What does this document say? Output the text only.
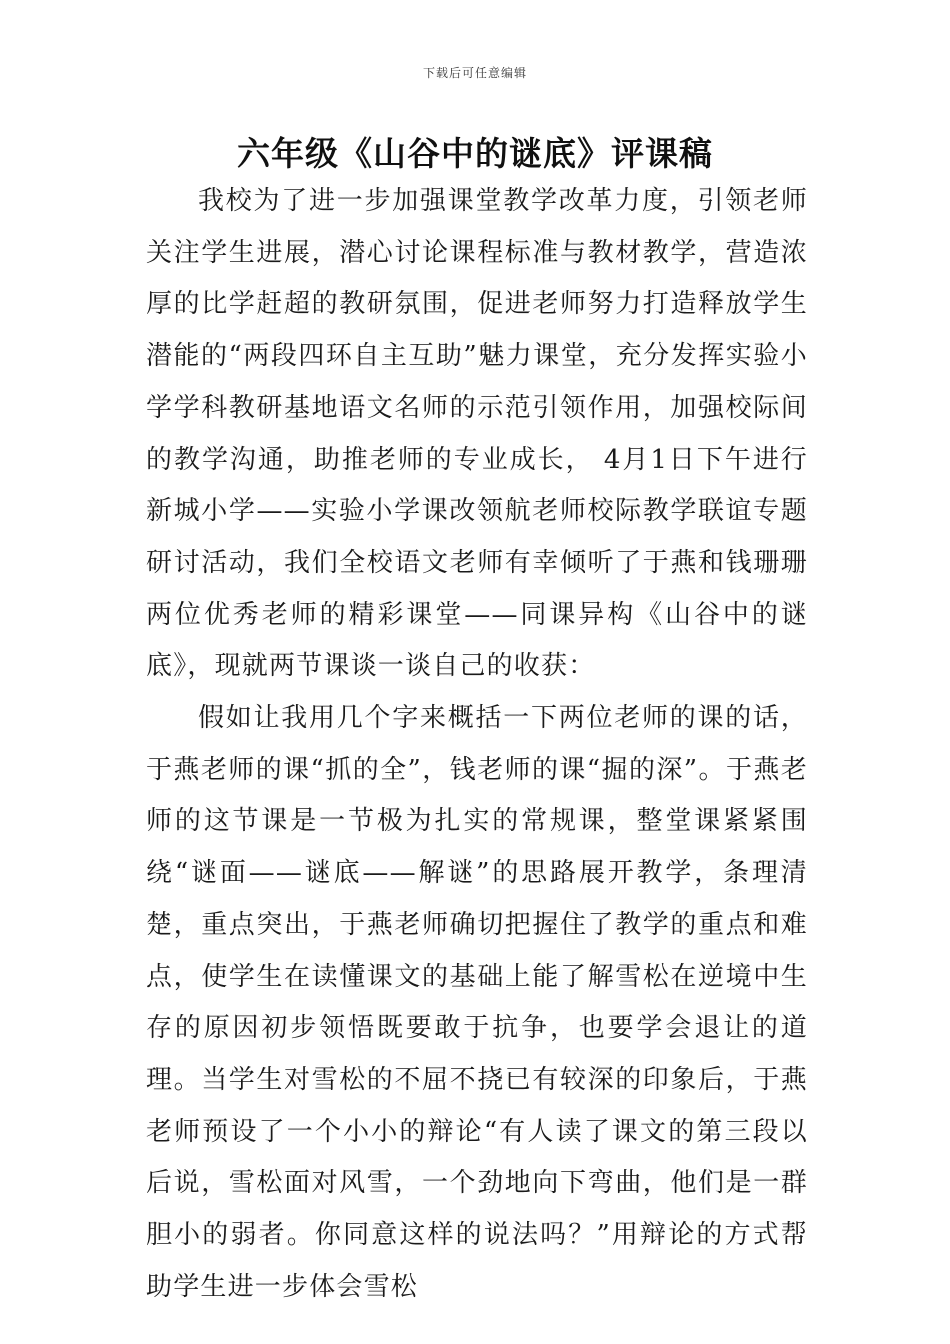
下载后可任意编辑
六年级《山谷中的谜底》评课稿

我校为了进一步加强课堂教学改革力度，引领老师关注学生进展，潜心讨论课程标准与教材教学，营造浓厚的比学赶超的教研氛围，促进老师努力打造释放学生潜能的“两段四环自主互助”魅力课堂，充分发挥实验小学学科教研基地语文名师的示范引领作用，加强校际间的教学沟通，助推老师的专业成长， 4月1日下午进行新城小学——实验小学课改领航老师校际教学联谊专题研讨活动，我们全校语文老师有幸倾听了于燕和钱珊珊两位优秀老师的精彩课堂——同课异构《山谷中的谜底》，现就两节课谈一谈自己的收获：

假如让我用几个字来概括一下两位老师的课的话，于燕老师的课“抓的全”，钱老师的课“掘的深”。于燕老师的这节课是一节极为扎实的常规课，整堂课紧紧围绕“谜面——谜底——解谜”的思路展开教学，条理清楚，重点突出，于燕老师确切把握住了教学的重点和难点，使学生在读懂课文的基础上能了解雪松在逆境中生存的原因初步领悟既要敢于抗争，也要学会退让的道理。当学生对雪松的不屈不挠已有较深的印象后，于燕老师预设了一个小小的辩论“有人读了课文的第三段以后说，雪松面对风雪，一个劲地向下弯曲，他们是一群胆小的弱者。你同意这样的说法吗？”用辩论的方式帮助学生进一步体会雪松
